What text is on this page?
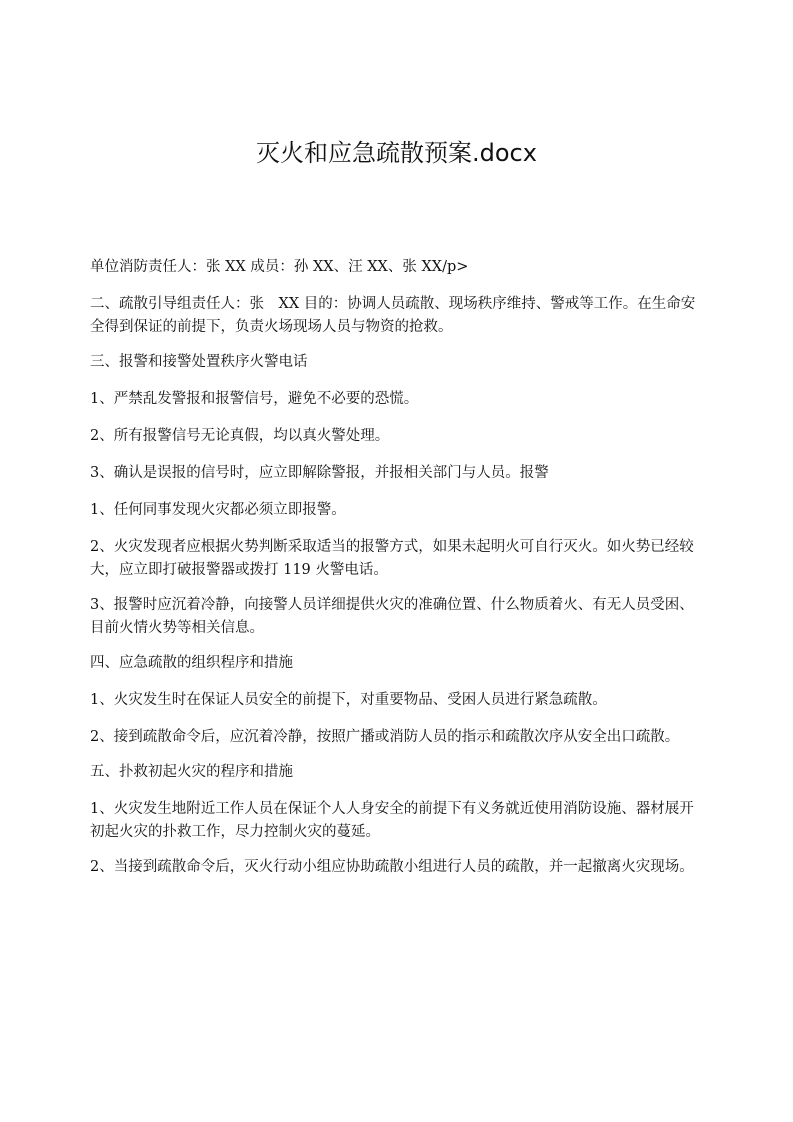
灭火和应急疏散预案.docx

单位消防责任人：张 XX 成员：孙 XX、汪 XX、张 XX/p>

二、疏散引导组责任人：张　XX 目的：协调人员疏散、现场秩序维持、警戒等工作。在生命安全得到保证的前提下，负责火场现场人员与物资的抢救。

三、报警和接警处置秩序火警电话

1、严禁乱发警报和报警信号，避免不必要的恐慌。

2、所有报警信号无论真假，均以真火警处理。

3、确认是误报的信号时，应立即解除警报，并报相关部门与人员。报警

1、任何同事发现火灾都必须立即报警。

2、火灾发现者应根据火势判断采取适当的报警方式，如果未起明火可自行灭火。如火势已经较大，应立即打破报警器或拨打 119 火警电话。

3、报警时应沉着冷静，向接警人员详细提供火灾的准确位置、什么物质着火、有无人员受困、目前火情火势等相关信息。

四、应急疏散的组织程序和措施

1、火灾发生时在保证人员安全的前提下，对重要物品、受困人员进行紧急疏散。

2、接到疏散命令后，应沉着冷静，按照广播或消防人员的指示和疏散次序从安全出口疏散。

五、扑救初起火灾的程序和措施

1、火灾发生地附近工作人员在保证个人人身安全的前提下有义务就近使用消防设施、器材展开初起火灾的扑救工作，尽力控制火灾的蔓延。

2、当接到疏散命令后，灭火行动小组应协助疏散小组进行人员的疏散，并一起撤离火灾现场。
